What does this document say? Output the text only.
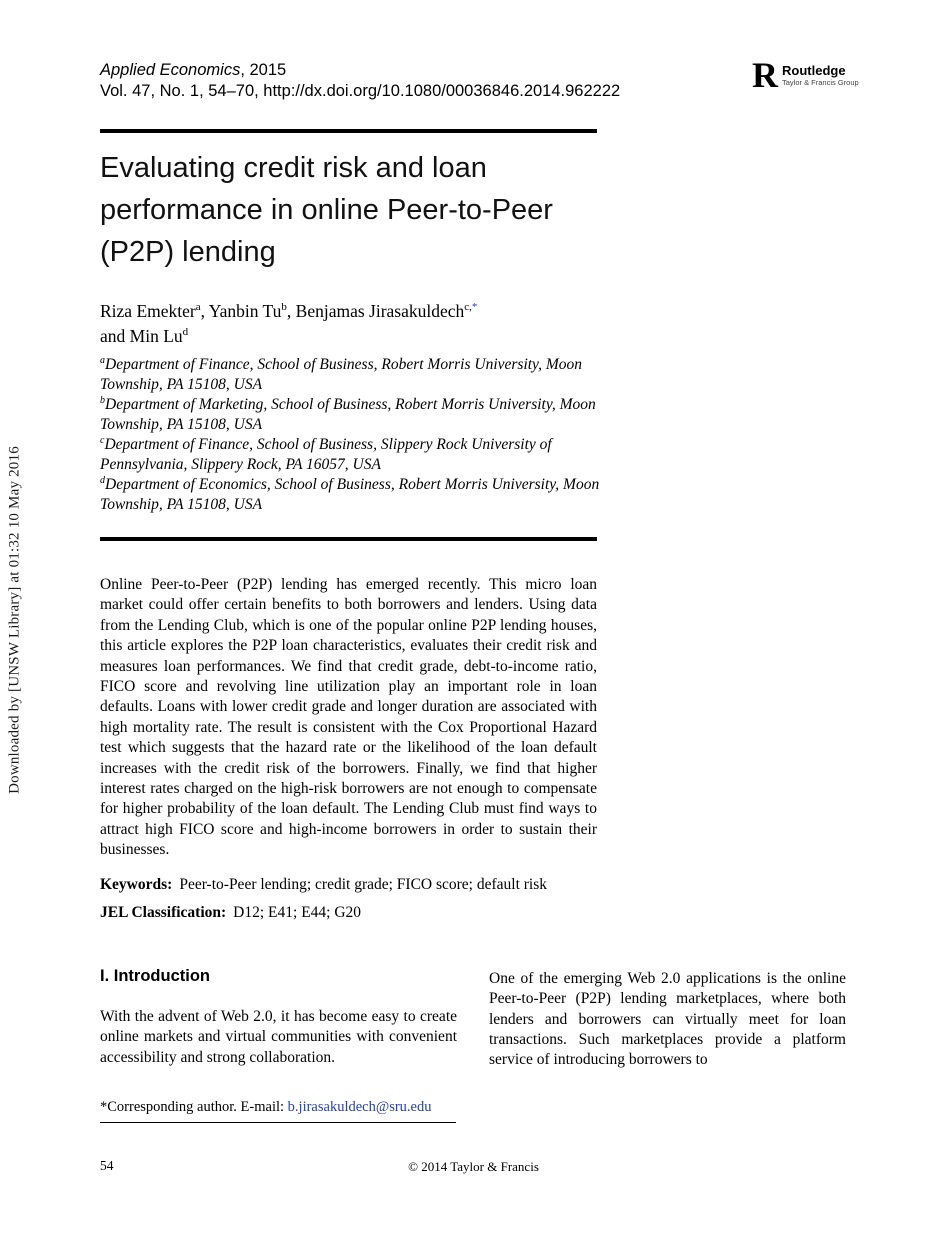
Downloaded by [UNSW Library] at 01:32 10 May 2016
Applied Economics, 2015
Vol. 47, No. 1, 54–70, http://dx.doi.org/10.1080/00036846.2014.962222	R Routledge
Taylor & Francis Group
Evaluating credit risk and loan performance in online Peer-to-Peer (P2P) lending
Riza Emekter$^a$, Yanbin Tu$^b$, Benjamas Jirasakuldech$^{c,*}$
and Min Lu$^d$
$^a$Department of Finance, School of Business, Robert Morris University, Moon Township, PA 15108, USA
$^b$Department of Marketing, School of Business, Robert Morris University, Moon Township, PA 15108, USA
$^c$Department of Finance, School of Business, Slippery Rock University of Pennsylvania, Slippery Rock, PA 16057, USA
$^d$Department of Economics, School of Business, Robert Morris University, Moon Township, PA 15108, USA

Online Peer-to-Peer (P2P) lending has emerged recently. This micro loan market could offer certain benefits to both borrowers and lenders. Using data from the Lending Club, which is one of the popular online P2P lending houses, this article explores the P2P loan characteristics, evaluates their credit risk and measures loan performances. We find that credit grade, debt-to-income ratio, FICO score and revolving line utilization play an important role in loan defaults. Loans with lower credit grade and longer duration are associated with high mortality rate. The result is consistent with the Cox Proportional Hazard test which suggests that the hazard rate or the likelihood of the loan default increases with the credit risk of the borrowers. Finally, we find that higher interest rates charged on the high-risk borrowers are not enough to compensate for higher probability of the loan default. The Lending Club must find ways to attract high FICO score and high-income borrowers in order to sustain their businesses.

Keywords: Peer-to-Peer lending; credit grade; FICO score; default risk
JEL Classification: D12; E41; E44; G20
I. Introduction

With the advent of Web 2.0, it has become easy to create online markets and virtual communities with convenient accessibility and strong collaboration.

One of the emerging Web 2.0 applications is the online Peer-to-Peer (P2P) lending marketplaces, where both lenders and borrowers can virtually meet for loan transactions. Such marketplaces provide a platform service of introducing borrowers to

*Corresponding author. E-mail: b.jirasakuldech@sru.edu
54	© 2014 Taylor & Francis
